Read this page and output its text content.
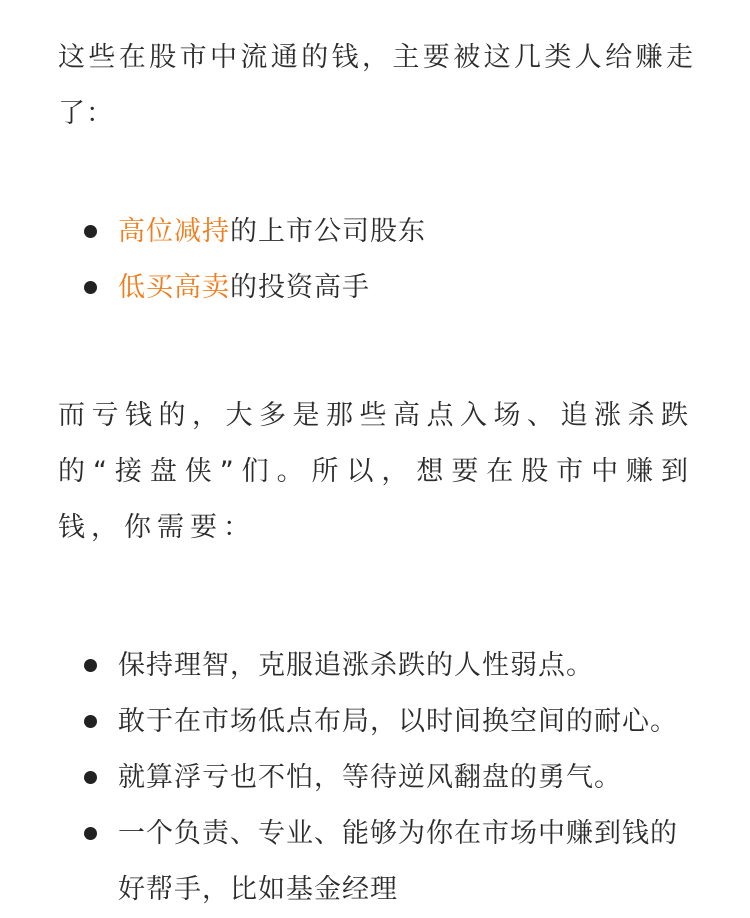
这些在股市中流通的钱，主要被这几类人给赚走了：

高位减持的上市公司股东
低买高卖的投资高手

而亏钱的，大多是那些高点入场、追涨杀跌的“接盘侠”们。所以，想要在股市中赚到钱，你需要：

保持理智，克服追涨杀跌的人性弱点。
敢于在市场低点布局，以时间换空间的耐心。
就算浮亏也不怕，等待逆风翻盘的勇气。
一个负责、专业、能够为你在市场中赚到钱的好帮手，比如基金经理
